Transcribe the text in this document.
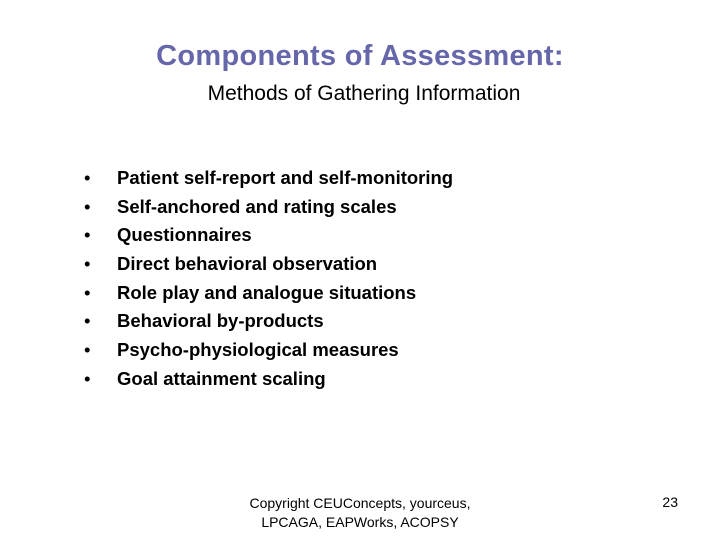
Components of Assessment:
Methods of Gathering Information
• Patient self-report and self-monitoring
• Self-anchored and rating scales
• Questionnaires
• Direct behavioral observation
• Role play and analogue situations
• Behavioral by-products
• Psycho-physiological measures
• Goal attainment scaling
Copyright CEUConcepts, yourceus, LPCAGA, EAPWorks, ACOPSY
23
